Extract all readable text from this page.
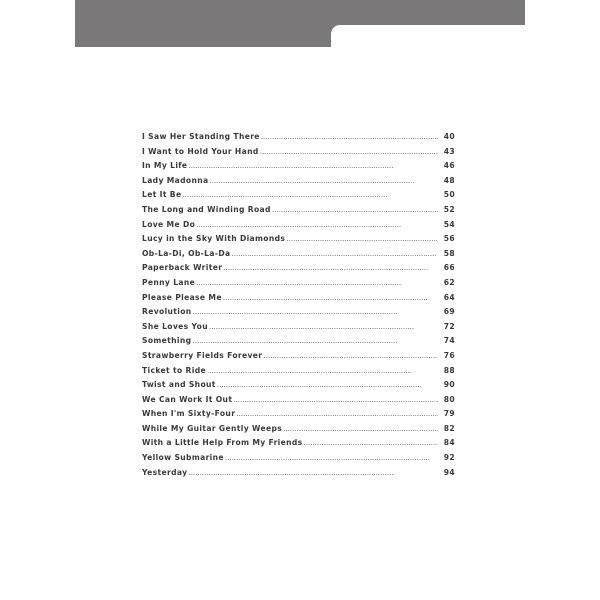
I Saw Her Standing There . . .	40
I Want to Hold Your Hand . . .	43
In My Life . . .	46
Lady Madonna . . .	48
Let It Be . . .	50
The Long and Winding Road . . .	52
Love Me Do . . .	54
Lucy in the Sky With Diamonds . . .	56
Ob-La-Di, Ob-La-Da . . .	58
Paperback Writer . . .	66
Penny Lane . . .	62
Please Please Me . . .	64
Revolution . . .	69
She Loves You . . .	72
Something . . .	74
Strawberry Fields Forever . . .	76
Ticket to Ride . . .	88
Twist and Shout . . .	90
We Can Work It Out . . .	80
When I'm Sixty-Four . . .	79
While My Guitar Gently Weeps . . .	82
With a Little Help From My Friends . . .	84
Yellow Submarine . . .	92
Yesterday . . .	94
